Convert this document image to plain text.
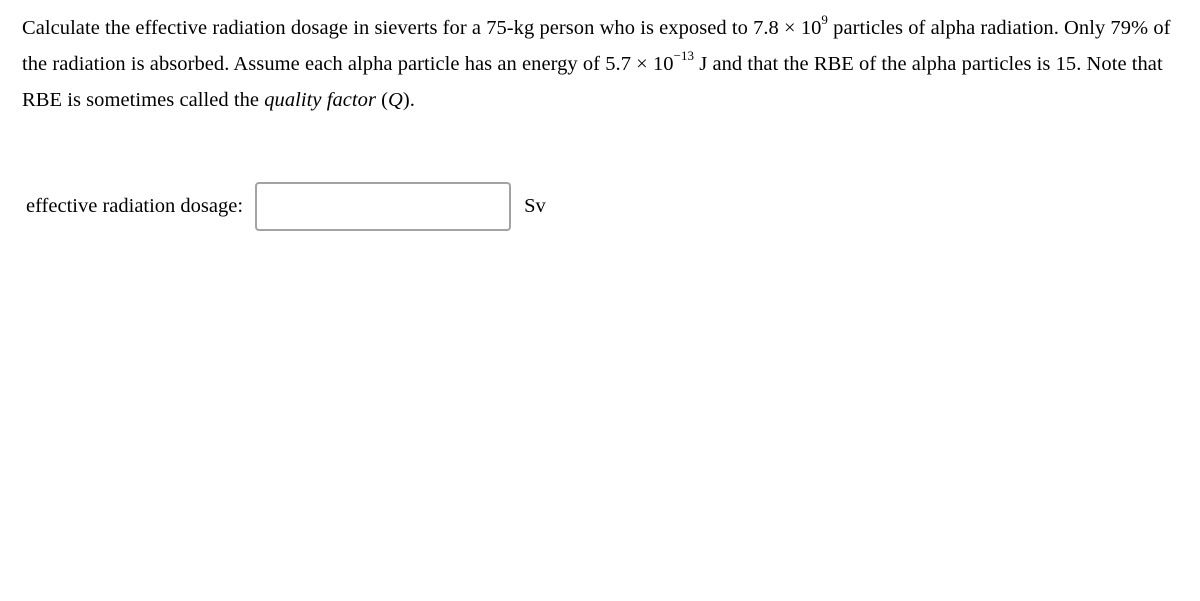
Calculate the effective radiation dosage in sieverts for a 75-kg person who is exposed to $7.8 \times 10^9$ particles of alpha radiation. Only 79% of the radiation is absorbed. Assume each alpha particle has an energy of $5.7 \times 10^{-13}$ J and that the RBE of the alpha particles is 15. Note that RBE is sometimes called the quality factor (Q).
effective radiation dosage:	Sv
